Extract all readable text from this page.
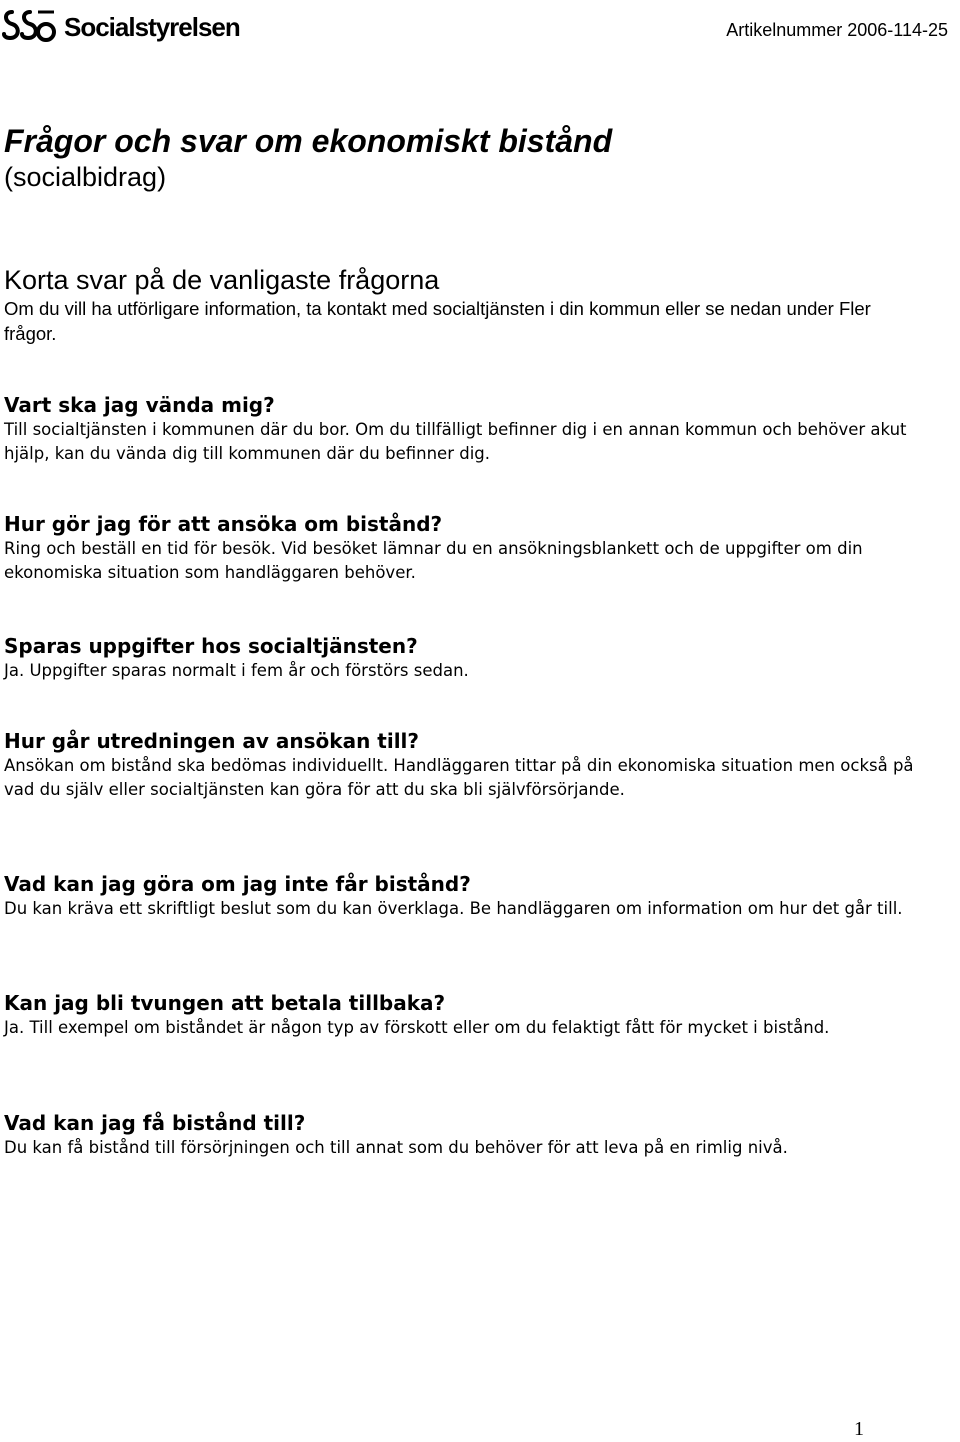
Socialstyrelsen	Artikelnummer 2006-114-25
Frågor och svar om ekonomiskt bistånd
(socialbidrag)
Korta svar på de vanligaste frågorna

Om du vill ha utförligare information, ta kontakt med socialtjänsten i din kommun eller se nedan under Fler frågor.

Vart ska jag vända mig?

Till socialtjänsten i kommunen där du bor. Om du tillfälligt befinner dig i en annan kommun och behöver akut hjälp, kan du vända dig till kommunen där du befinner dig.

Hur gör jag för att ansöka om bistånd?

Ring och beställ en tid för besök. Vid besöket lämnar du en ansökningsblankett och de uppgifter om din ekonomiska situation som handläggaren behöver.

Sparas uppgifter hos socialtjänsten?

Ja. Uppgifter sparas normalt i fem år och förstörs sedan.

Hur går utredningen av ansökan till?

Ansökan om bistånd ska bedömas individuellt. Handläggaren tittar på din ekonomiska situation men också på vad du själv eller socialtjänsten kan göra för att du ska bli självförsörjande.

Vad kan jag göra om jag inte får bistånd?

Du kan kräva ett skriftligt beslut som du kan överklaga. Be handläggaren om information om hur det går till.

Kan jag bli tvungen att betala tillbaka?

Ja. Till exempel om biståndet är någon typ av förskott eller om du felaktigt fått för mycket i bistånd.

Vad kan jag få bistånd till?

Du kan få bistånd till försörjningen och till annat som du behöver för att leva på en rimlig nivå.

1
